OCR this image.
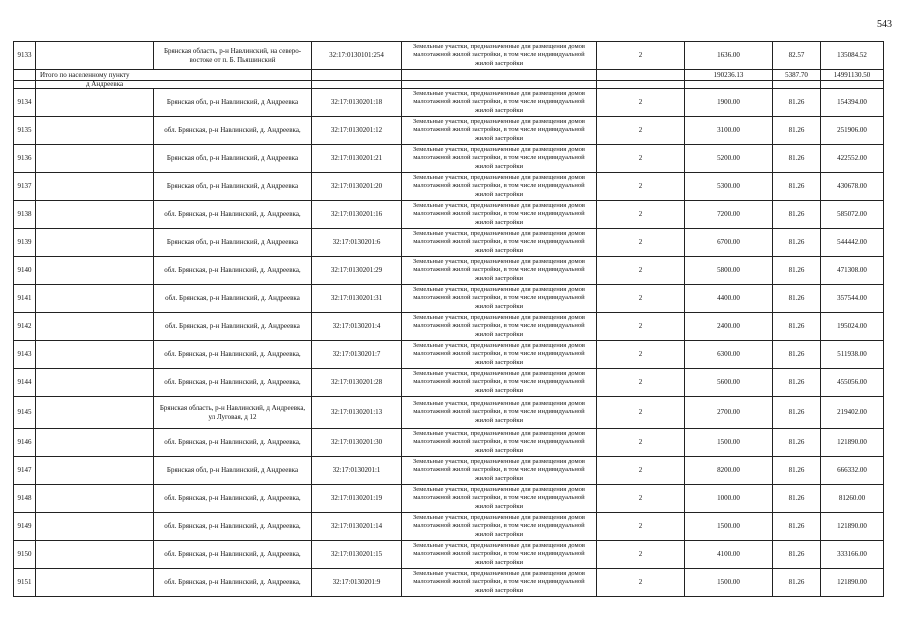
543
9133		Брянская область, р-н Навлинский, на северо-востоке от п. Б. Пьяшинский	32:17:0130101:254	Земельные участки, предназначенные для размещения домов малоэтажной жилой застройки, в том числе индивидуальной жилой застройки	2	1636.00	82.57	135084.52
	Итого по населенному пункту					190236.13	5387.70	14991130.50
	д Андреевка							
9134		Брянская обл, р-н Навлинский, д Андреевка	32:17:0130201:18	Земельные участки, предназначенные для размещения домов малоэтажной жилой застройки, в том числе индивидуальной жилой застройки	2	1900.00	81.26	154394.00
9135		обл. Брянская, р-н Навлинский, д. Андреевка,	32:17:0130201:12	Земельные участки, предназначенные для размещения домов малоэтажной жилой застройки, в том числе индивидуальной жилой застройки	2	3100.00	81.26	251906.00
9136		Брянская обл, р-н Навлинский, д Андреевка	32:17:0130201:21	Земельные участки, предназначенные для размещения домов малоэтажной жилой застройки, в том числе индивидуальной жилой застройки	2	5200.00	81.26	422552.00
9137		Брянская обл, р-н Навлинский, д Андреевка	32:17:0130201:20	Земельные участки, предназначенные для размещения домов малоэтажной жилой застройки, в том числе индивидуальной жилой застройки	2	5300.00	81.26	430678.00
9138		обл. Брянская, р-н Навлинский, д. Андреевка,	32:17:0130201:16	Земельные участки, предназначенные для размещения домов малоэтажной жилой застройки, в том числе индивидуальной жилой застройки	2	7200.00	81.26	585072.00
9139		Брянская обл, р-н Навлинский, д Андреевка	32:17:0130201:6	Земельные участки, предназначенные для размещения домов малоэтажной жилой застройки, в том числе индивидуальной жилой застройки	2	6700.00	81.26	544442.00
9140		обл. Брянская, р-н Навлинский, д. Андреевка,	32:17:0130201:29	Земельные участки, предназначенные для размещения домов малоэтажной жилой застройки, в том числе индивидуальной жилой застройки	2	5800.00	81.26	471308.00
9141		обл. Брянская, р-н Навлинский, д. Андреевка	32:17:0130201:31	Земельные участки, предназначенные для размещения домов малоэтажной жилой застройки, в том числе индивидуальной жилой застройки	2	4400.00	81.26	357544.00
9142		обл. Брянская, р-н Навлинский, д. Андреевка	32:17:0130201:4	Земельные участки, предназначенные для размещения домов малоэтажной жилой застройки, в том числе индивидуальной жилой застройки	2	2400.00	81.26	195024.00
9143		обл. Брянская, р-н Навлинский, д. Андреевка,	32:17:0130201:7	Земельные участки, предназначенные для размещения домов малоэтажной жилой застройки, в том числе индивидуальной жилой застройки	2	6300.00	81.26	511938.00
9144		обл. Брянская, р-н Навлинский, д. Андреевка,	32:17:0130201:28	Земельные участки, предназначенные для размещения домов малоэтажной жилой застройки, в том числе индивидуальной жилой застройки	2	5600.00	81.26	455056.00
9145		Брянская область, р-н Навлинский, д Андреевка, ул Луговая, д 12	32:17:0130201:13	Земельные участки, предназначенные для размещения домов малоэтажной жилой застройки, в том числе индивидуальной жилой застройки	2	2700.00	81.26	219402.00
9146		обл. Брянская, р-н Навлинский, д. Андреевка,	32:17:0130201:30	Земельные участки, предназначенные для размещения домов малоэтажной жилой застройки, в том числе индивидуальной жилой застройки	2	1500.00	81.26	121890.00
9147		Брянская обл, р-н Навлинский, д Андреевка	32:17:0130201:1	Земельные участки, предназначенные для размещения домов малоэтажной жилой застройки, в том числе индивидуальной жилой застройки	2	8200.00	81.26	666332.00
9148		обл. Брянская, р-н Навлинский, д. Андреевка,	32:17:0130201:19	Земельные участки, предназначенные для размещения домов малоэтажной жилой застройки, в том числе индивидуальной жилой застройки	2	1000.00	81.26	81260.00
9149		обл. Брянская, р-н Навлинский, д. Андреевка,	32:17:0130201:14	Земельные участки, предназначенные для размещения домов малоэтажной жилой застройки, в том числе индивидуальной жилой застройки	2	1500.00	81.26	121890.00
9150		обл. Брянская, р-н Навлинский, д. Андреевка,	32:17:0130201:15	Земельные участки, предназначенные для размещения домов малоэтажной жилой застройки, в том числе индивидуальной жилой застройки	2	4100.00	81.26	333166.00
9151		обл. Брянская, р-н Навлинский, д. Андреевка,	32:17:0130201:9	Земельные участки, предназначенные для размещения домов малоэтажной жилой застройки, в том числе индивидуальной жилой застройки	2	1500.00	81.26	121890.00
